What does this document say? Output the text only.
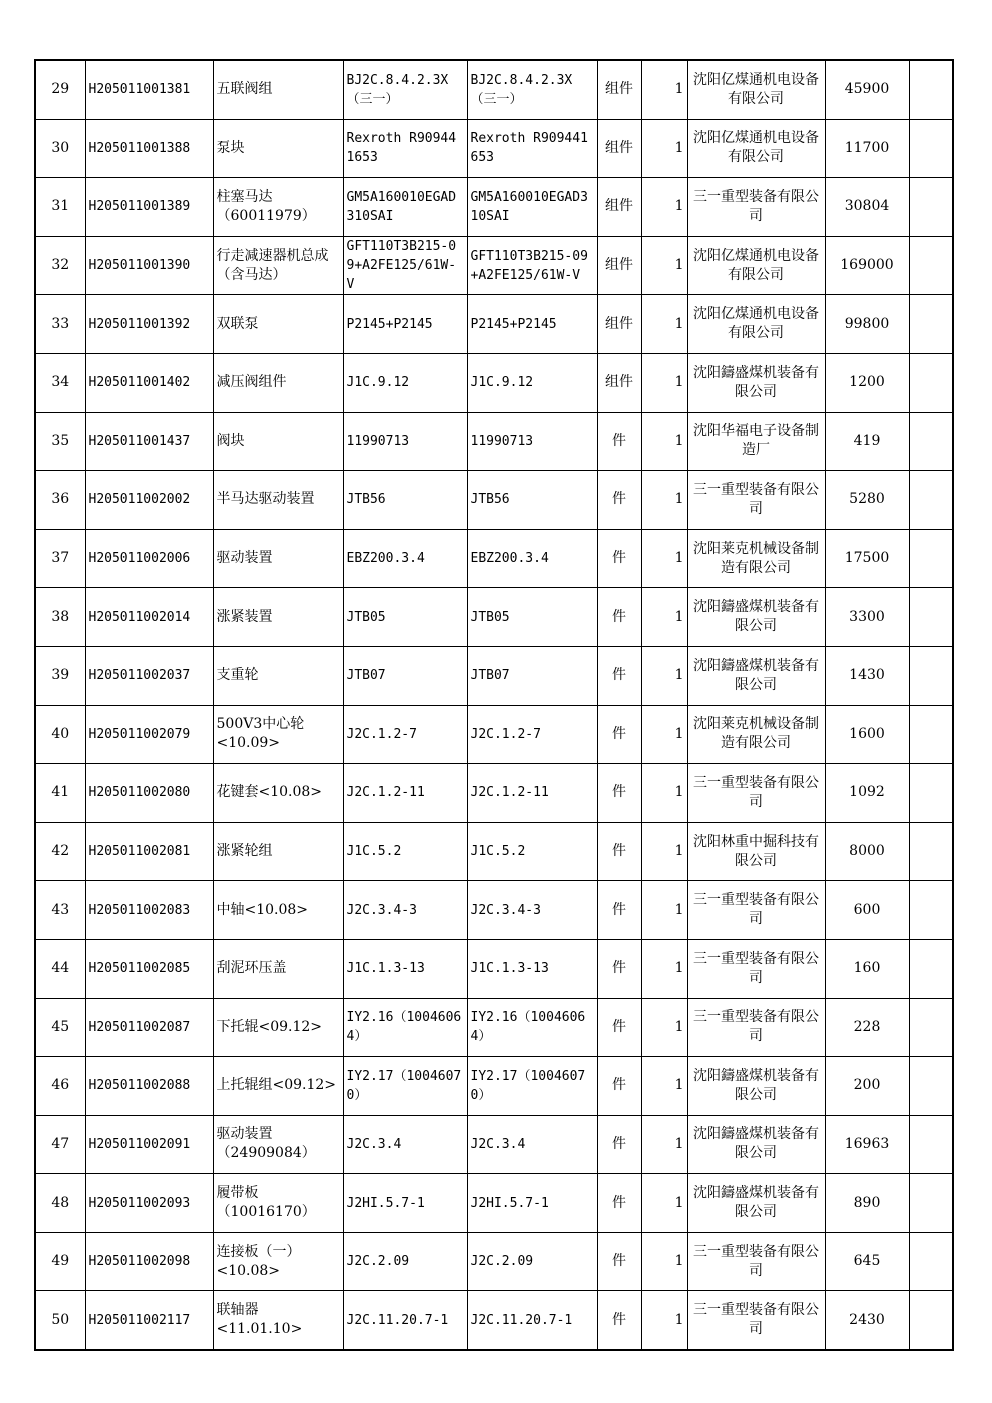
29	H205011001381	五联阀组	BJ2C.8.4.2.3X（三一）	BJ2C.8.4.2.3X（三一）	组件	1	沈阳亿煤通机电设备有限公司	45900	
30	H205011001388	泵块	Rexroth R909441653	Rexroth R909441653	组件	1	沈阳亿煤通机电设备有限公司	11700	
31	H205011001389	柱塞马达（60011979）	GM5A160010EGAD310SAI	GM5A160010EGAD310SAI	组件	1	三一重型装备有限公司	30804	
32	H205011001390	行走减速器机总成（含马达）	GFT110T3B215-09+A2FE125/61W-V	GFT110T3B215-09+A2FE125/61W-V	组件	1	沈阳亿煤通机电设备有限公司	169000	
33	H205011001392	双联泵	P2145+P2145	P2145+P2145	组件	1	沈阳亿煤通机电设备有限公司	99800	
34	H205011001402	减压阀组件	J1C.9.12	J1C.9.12	组件	1	沈阳鑄盛煤机装备有限公司	1200	
35	H205011001437	阀块	11990713	11990713	件	1	沈阳华福电子设备制造厂	419	
36	H205011002002	半马达驱动装置	JTB56	JTB56	件	1	三一重型装备有限公司	5280	
37	H205011002006	驱动装置	EBZ200.3.4	EBZ200.3.4	件	1	沈阳莱克机械设备制造有限公司	17500	
38	H205011002014	涨紧装置	JTB05	JTB05	件	1	沈阳鑄盛煤机装备有限公司	3300	
39	H205011002037	支重轮	JTB07	JTB07	件	1	沈阳鑄盛煤机装备有限公司	1430	
40	H205011002079	500V3中心轮<10.09>	J2C.1.2-7	J2C.1.2-7	件	1	沈阳莱克机械设备制造有限公司	1600	
41	H205011002080	花键套<10.08>	J2C.1.2-11	J2C.1.2-11	件	1	三一重型装备有限公司	1092	
42	H205011002081	涨紧轮组	J1C.5.2	J1C.5.2	件	1	沈阳林重中掘科技有限公司	8000	
43	H205011002083	中轴<10.08>	J2C.3.4-3	J2C.3.4-3	件	1	三一重型装备有限公司	600	
44	H205011002085	刮泥环压盖	J1C.1.3-13	J1C.1.3-13	件	1	三一重型装备有限公司	160	
45	H205011002087	下托辊<09.12>	IY2.16（10046064）	IY2.16（10046064）	件	1	三一重型装备有限公司	228	
46	H205011002088	上托辊组<09.12>	IY2.17（10046070）	IY2.17（10046070）	件	1	沈阳鑄盛煤机装备有限公司	200	
47	H205011002091	驱动装置（24909084）	J2C.3.4	J2C.3.4	件	1	沈阳鑄盛煤机装备有限公司	16963	
48	H205011002093	履带板（10016170）	J2HI.5.7-1	J2HI.5.7-1	件	1	沈阳鑄盛煤机装备有限公司	890	
49	H205011002098	连接板（一）<10.08>	J2C.2.09	J2C.2.09	件	1	三一重型装备有限公司	645	
50	H205011002117	联轴器<11.01.10>	J2C.11.20.7-1	J2C.11.20.7-1	件	1	三一重型装备有限公司	2430	
